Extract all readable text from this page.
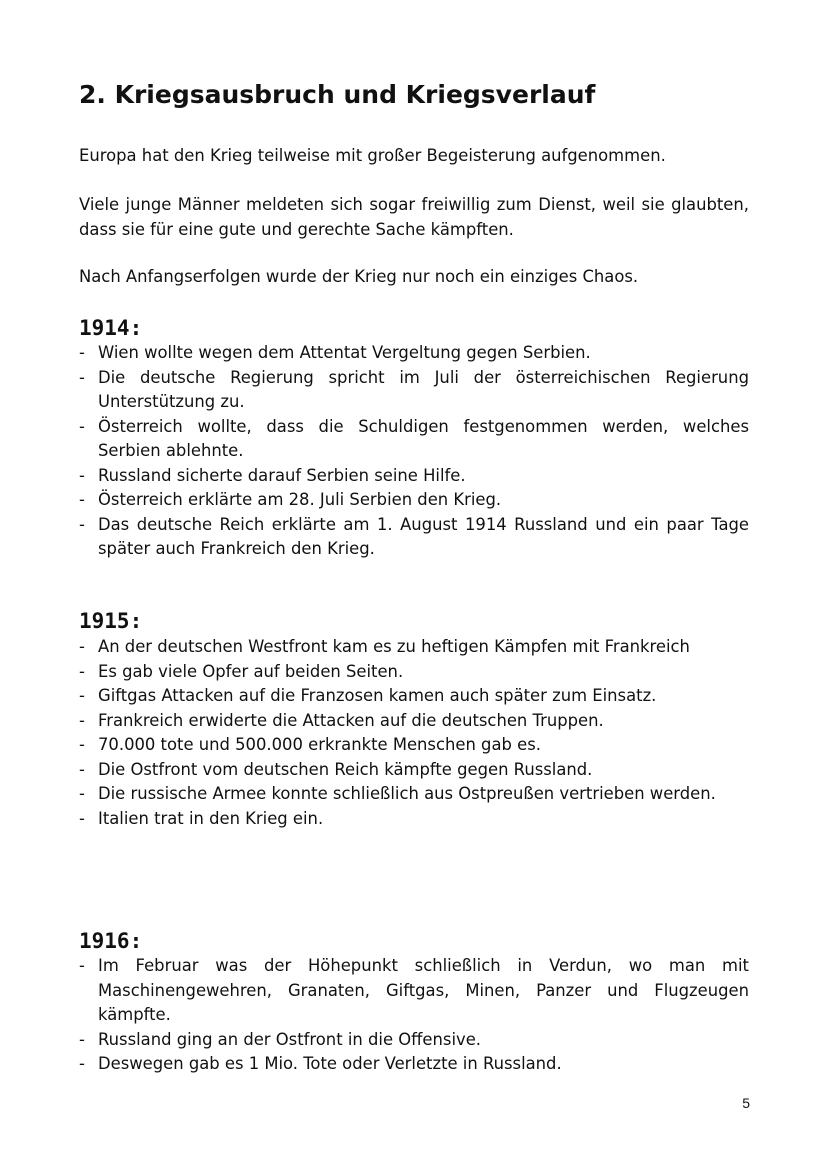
2. Kriegsausbruch und Kriegsverlauf

Europa hat den Krieg teilweise mit großer Begeisterung aufgenommen.

Viele junge Männer meldeten sich sogar freiwillig zum Dienst, weil sie glaubten, dass sie für eine gute und gerechte Sache kämpften.

Nach Anfangserfolgen wurde der Krieg nur noch ein einziges Chaos.

1914:
- Wien wollte wegen dem Attentat Vergeltung gegen Serbien.
- Die deutsche Regierung spricht im Juli der österreichischen Regierung Unterstützung zu.
- Österreich wollte, dass die Schuldigen festgenommen werden, welches Serbien ablehnte.
- Russland sicherte darauf Serbien seine Hilfe.
- Österreich erklärte am 28. Juli Serbien den Krieg.
- Das deutsche Reich erklärte am 1. August 1914 Russland und ein paar Tage später auch Frankreich den Krieg.
1915:
- An der deutschen Westfront kam es zu heftigen Kämpfen mit Frankreich
- Es gab viele Opfer auf beiden Seiten.
- Giftgas Attacken auf die Franzosen kamen auch später zum Einsatz.
- Frankreich erwiderte die Attacken auf die deutschen Truppen.
- 70.000 tote und 500.000 erkrankte Menschen gab es.
- Die Ostfront vom deutschen Reich kämpfte gegen Russland.
- Die russische Armee konnte schließlich aus Ostpreußen vertrieben werden.
- Italien trat in den Krieg ein.
1916:
- Im Februar was der Höhepunkt schließlich in Verdun, wo man mit Maschinengewehren, Granaten, Giftgas, Minen, Panzer und Flugzeugen kämpfte.
- Russland ging an der Ostfront in die Offensive.
- Deswegen gab es 1 Mio. Tote oder Verletzte in Russland.
5
